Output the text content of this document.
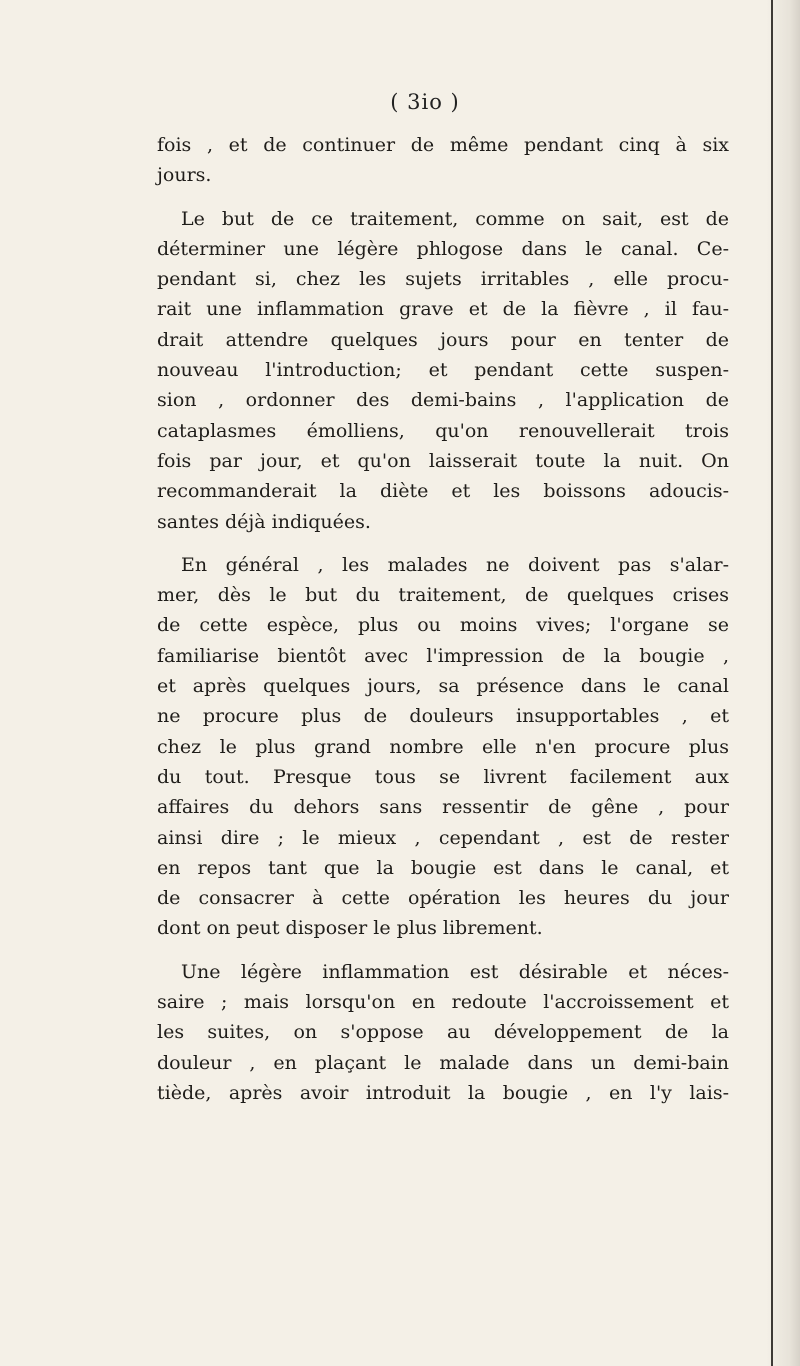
( 3io )

fois , et de continuer de même pendant cinq à six
jours.

Le but de ce traitement, comme on sait, est de
déterminer une légère phlogose dans le canal. Ce-
pendant si, chez les sujets irritables , elle procu-
rait une inflammation grave et de la fièvre , il fau-
drait attendre quelques jours pour en tenter de
nouveau l'introduction; et pendant cette suspen-
sion , ordonner des demi-bains , l'application de
cataplasmes émolliens, qu'on renouvellerait trois
fois par jour, et qu'on laisserait toute la nuit. On
recommanderait la diète et les boissons adoucis-
santes déjà indiquées.

En général , les malades ne doivent pas s'alar-
mer, dès le but du traitement, de quelques crises
de cette espèce, plus ou moins vives; l'organe se
familiarise bientôt avec l'impression de la bougie ,
et après quelques jours, sa présence dans le canal
ne procure plus de douleurs insupportables , et
chez le plus grand nombre elle n'en procure plus
du tout. Presque tous se livrent facilement aux
affaires du dehors sans ressentir de gêne , pour
ainsi dire ; le mieux , cependant , est de rester
en repos tant que la bougie est dans le canal, et
de consacrer à cette opération les heures du jour
dont on peut disposer le plus librement.

Une légère inflammation est désirable et néces-
saire ; mais lorsqu'on en redoute l'accroissement et
les suites, on s'oppose au développement de la
douleur , en plaçant le malade dans un demi-bain
tiède, après avoir introduit la bougie , en l'y lais-
